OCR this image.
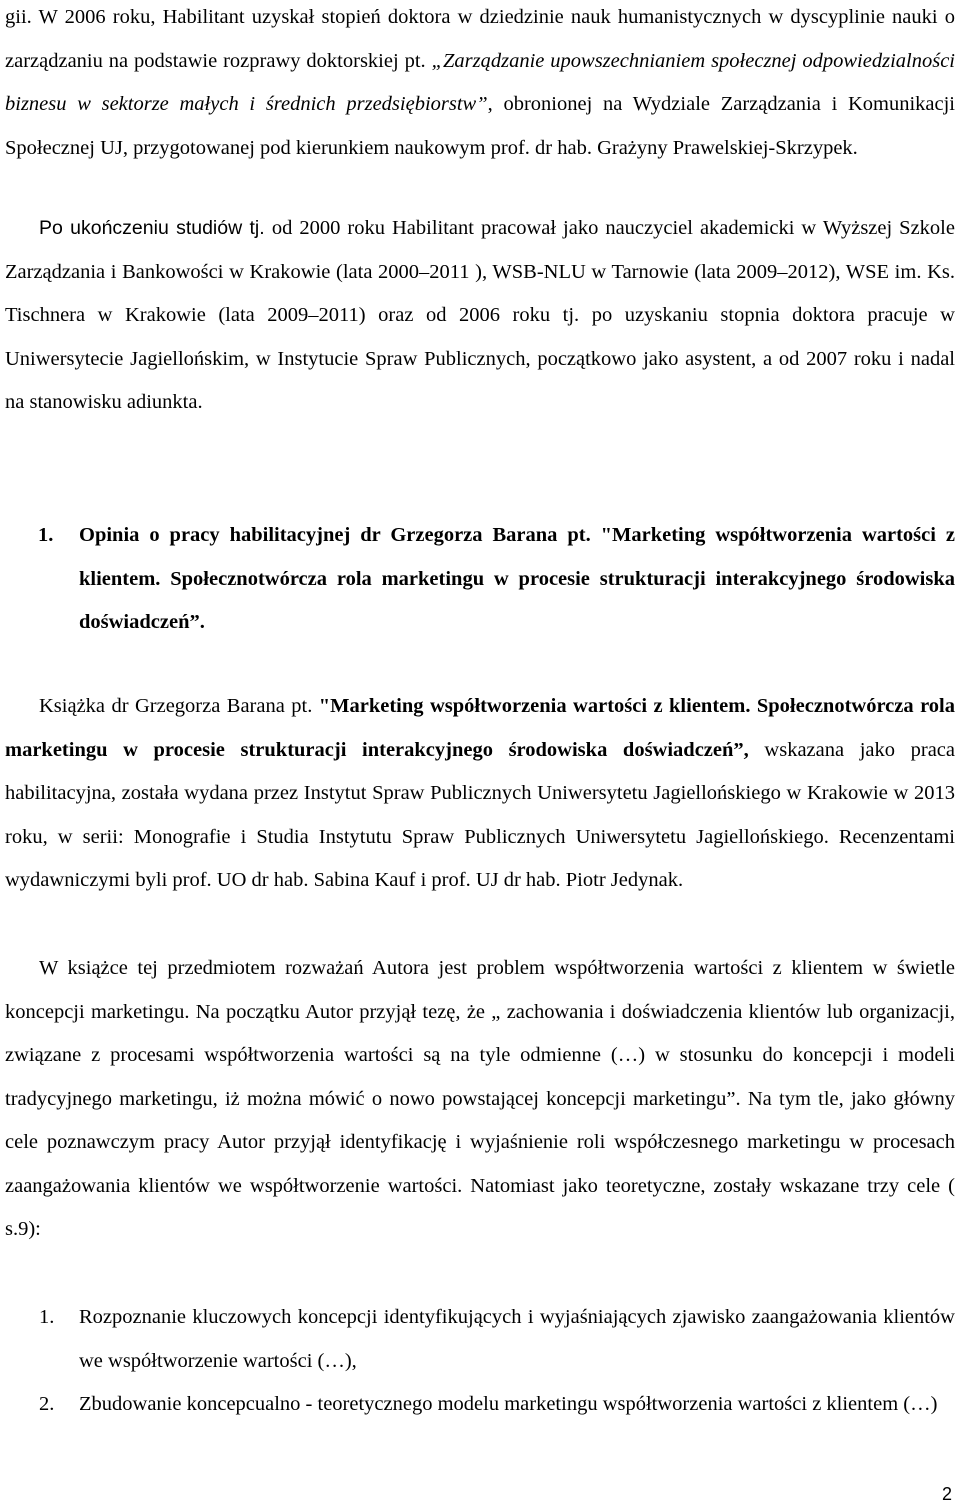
gii. W 2006 roku, Habilitant uzyskał stopień doktora w dziedzinie nauk humanistycznych w dyscyplinie nauki o zarządzaniu na podstawie rozprawy doktorskiej pt. „Zarządzanie upowszechnianiem społecznej odpowiedzialności biznesu w sektorze małych i średnich przedsiębiorstw”, obronionej na Wydziale Zarządzania i Komunikacji Społecznej UJ, przygotowanej pod kierunkiem naukowym prof. dr hab. Grażyny Prawelskiej-Skrzypek.

Po ukończeniu studiów tj. od 2000 roku Habilitant pracował jako nauczyciel akademicki w Wyższej Szkole Zarządzania i Bankowości w Krakowie (lata 2000–2011 ), WSB-NLU w Tarnowie (lata 2009–2012), WSE im. Ks. Tischnera w Krakowie (lata 2009–2011) oraz od 2006 roku tj. po uzyskaniu stopnia doktora pracuje w Uniwersytecie Jagiellońskim, w Instytucie Spraw Publicznych, początkowo jako asystent, a od 2007 roku i nadal na stanowisku adiunkta.

1. Opinia o pracy habilitacyjnej dr Grzegorza Barana pt. "Marketing współtworzenia wartości z klientem. Społecznotwórcza rola marketingu w procesie strukturacji interakcyjnego środowiska doświadczeń”.

Książka dr Grzegorza Barana pt. "Marketing współtworzenia wartości z klientem. Społecznotwórcza rola marketingu w procesie strukturacji interakcyjnego środowiska doświadczeń”, wskazana jako praca habilitacyjna, została wydana przez Instytut Spraw Publicznych Uniwersytetu Jagiellońskiego w Krakowie w 2013 roku, w serii: Monografie i Studia Instytutu Spraw Publicznych Uniwersytetu Jagiellońskiego. Recenzentami wydawniczymi byli prof. UO dr hab. Sabina Kauf i prof. UJ dr hab. Piotr Jedynak.

W książce tej przedmiotem rozważań Autora jest problem współtworzenia wartości z klientem w świetle koncepcji marketingu. Na początku Autor przyjął tezę, że „ zachowania i doświadczenia klientów lub organizacji, związane z procesami współtworzenia wartości są na tyle odmienne (…) w stosunku do koncepcji i modeli tradycyjnego marketingu, iż można mówić o nowo powstającej koncepcji marketingu”. Na tym tle, jako główny cele poznawczym pracy Autor przyjął identyfikację i wyjaśnienie roli współczesnego marketingu w procesach zaangażowania klientów we współtworzenie wartości. Natomiast jako teoretyczne, zostały wskazane trzy cele ( s.9):

1. Rozpoznanie kluczowych koncepcji identyfikujących i wyjaśniających zjawisko zaangażowania klientów we współtworzenie wartości (…),
2. Zbudowanie koncepcualno - teoretycznego modelu marketingu współtworzenia wartości z klientem (…)
2
